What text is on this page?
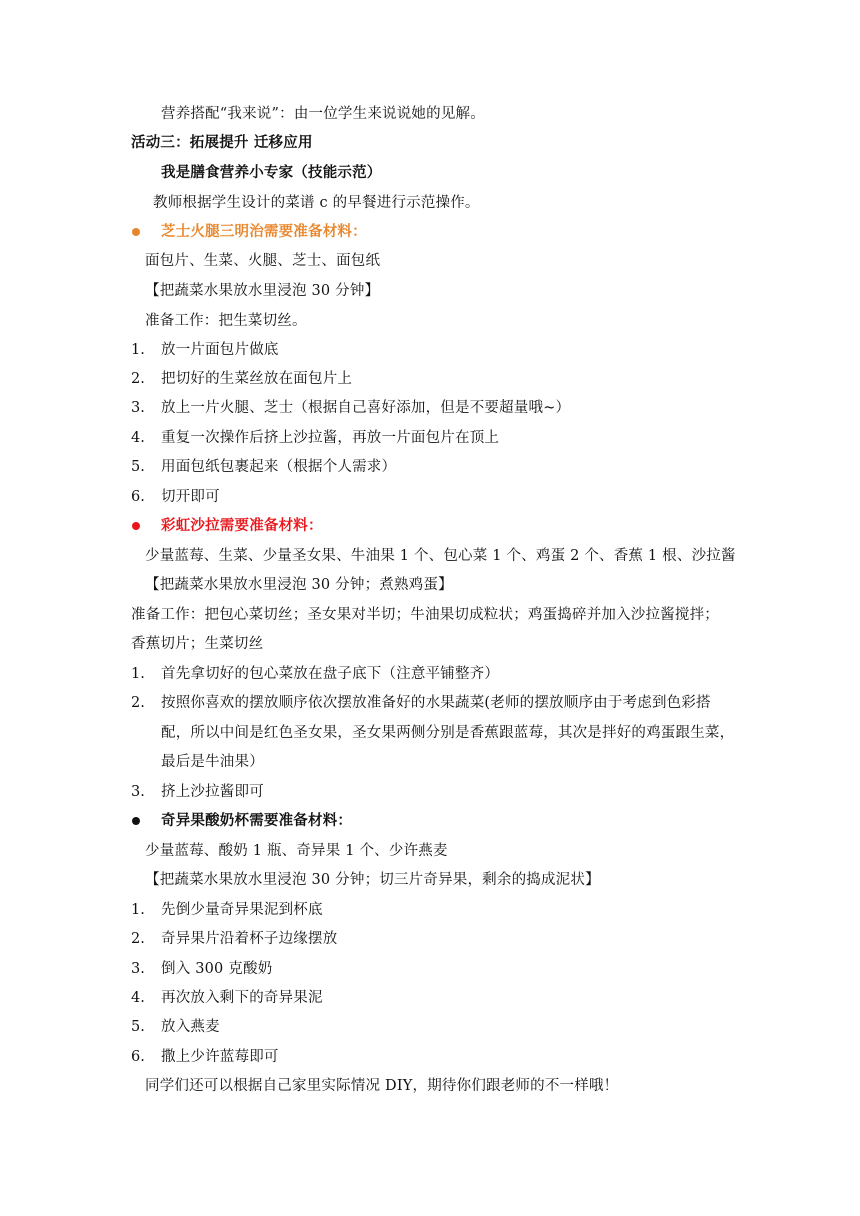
营养搭配“我来说”：由一位学生来说说她的见解。
活动三：拓展提升 迁移应用
我是膳食营养小专家（技能示范）
教师根据学生设计的菜谱 c 的早餐进行示范操作。
芝士火腿三明治需要准备材料：
面包片、生菜、火腿、芝士、面包纸
【把蔬菜水果放水里浸泡 30 分钟】
准备工作：把生菜切丝。
1. 放一片面包片做底
2. 把切好的生菜丝放在面包片上
3. 放上一片火腿、芝士（根据自己喜好添加，但是不要超量哦~）
4. 重复一次操作后挤上沙拉酱，再放一片面包片在顶上
5. 用面包纸包裹起来（根据个人需求）
6. 切开即可
彩虹沙拉需要准备材料：
少量蓝莓、生菜、少量圣女果、牛油果 1 个、包心菜 1 个、鸡蛋 2 个、香蕉 1 根、沙拉酱
【把蔬菜水果放水里浸泡 30 分钟；煮熟鸡蛋】
准备工作：把包心菜切丝；圣女果对半切；牛油果切成粒状；鸡蛋捣碎并加入沙拉酱搅拌；
香蕉切片；生菜切丝
1. 首先拿切好的包心菜放在盘子底下（注意平铺整齐）
2. 按照你喜欢的摆放顺序依次摆放准备好的水果蔬菜(老师的摆放顺序由于考虑到色彩搭
配，所以中间是红色圣女果，圣女果两侧分别是香蕉跟蓝莓，其次是拌好的鸡蛋跟生菜，
最后是牛油果）
3. 挤上沙拉酱即可
奇异果酸奶杯需要准备材料：
少量蓝莓、酸奶 1 瓶、奇异果 1 个、少许燕麦
【把蔬菜水果放水里浸泡 30 分钟；切三片奇异果，剩余的捣成泥状】
1. 先倒少量奇异果泥到杯底
2. 奇异果片沿着杯子边缘摆放
3. 倒入 300 克酸奶
4. 再次放入剩下的奇异果泥
5. 放入燕麦
6. 撒上少许蓝莓即可
同学们还可以根据自己家里实际情况 DIY，期待你们跟老师的不一样哦！
